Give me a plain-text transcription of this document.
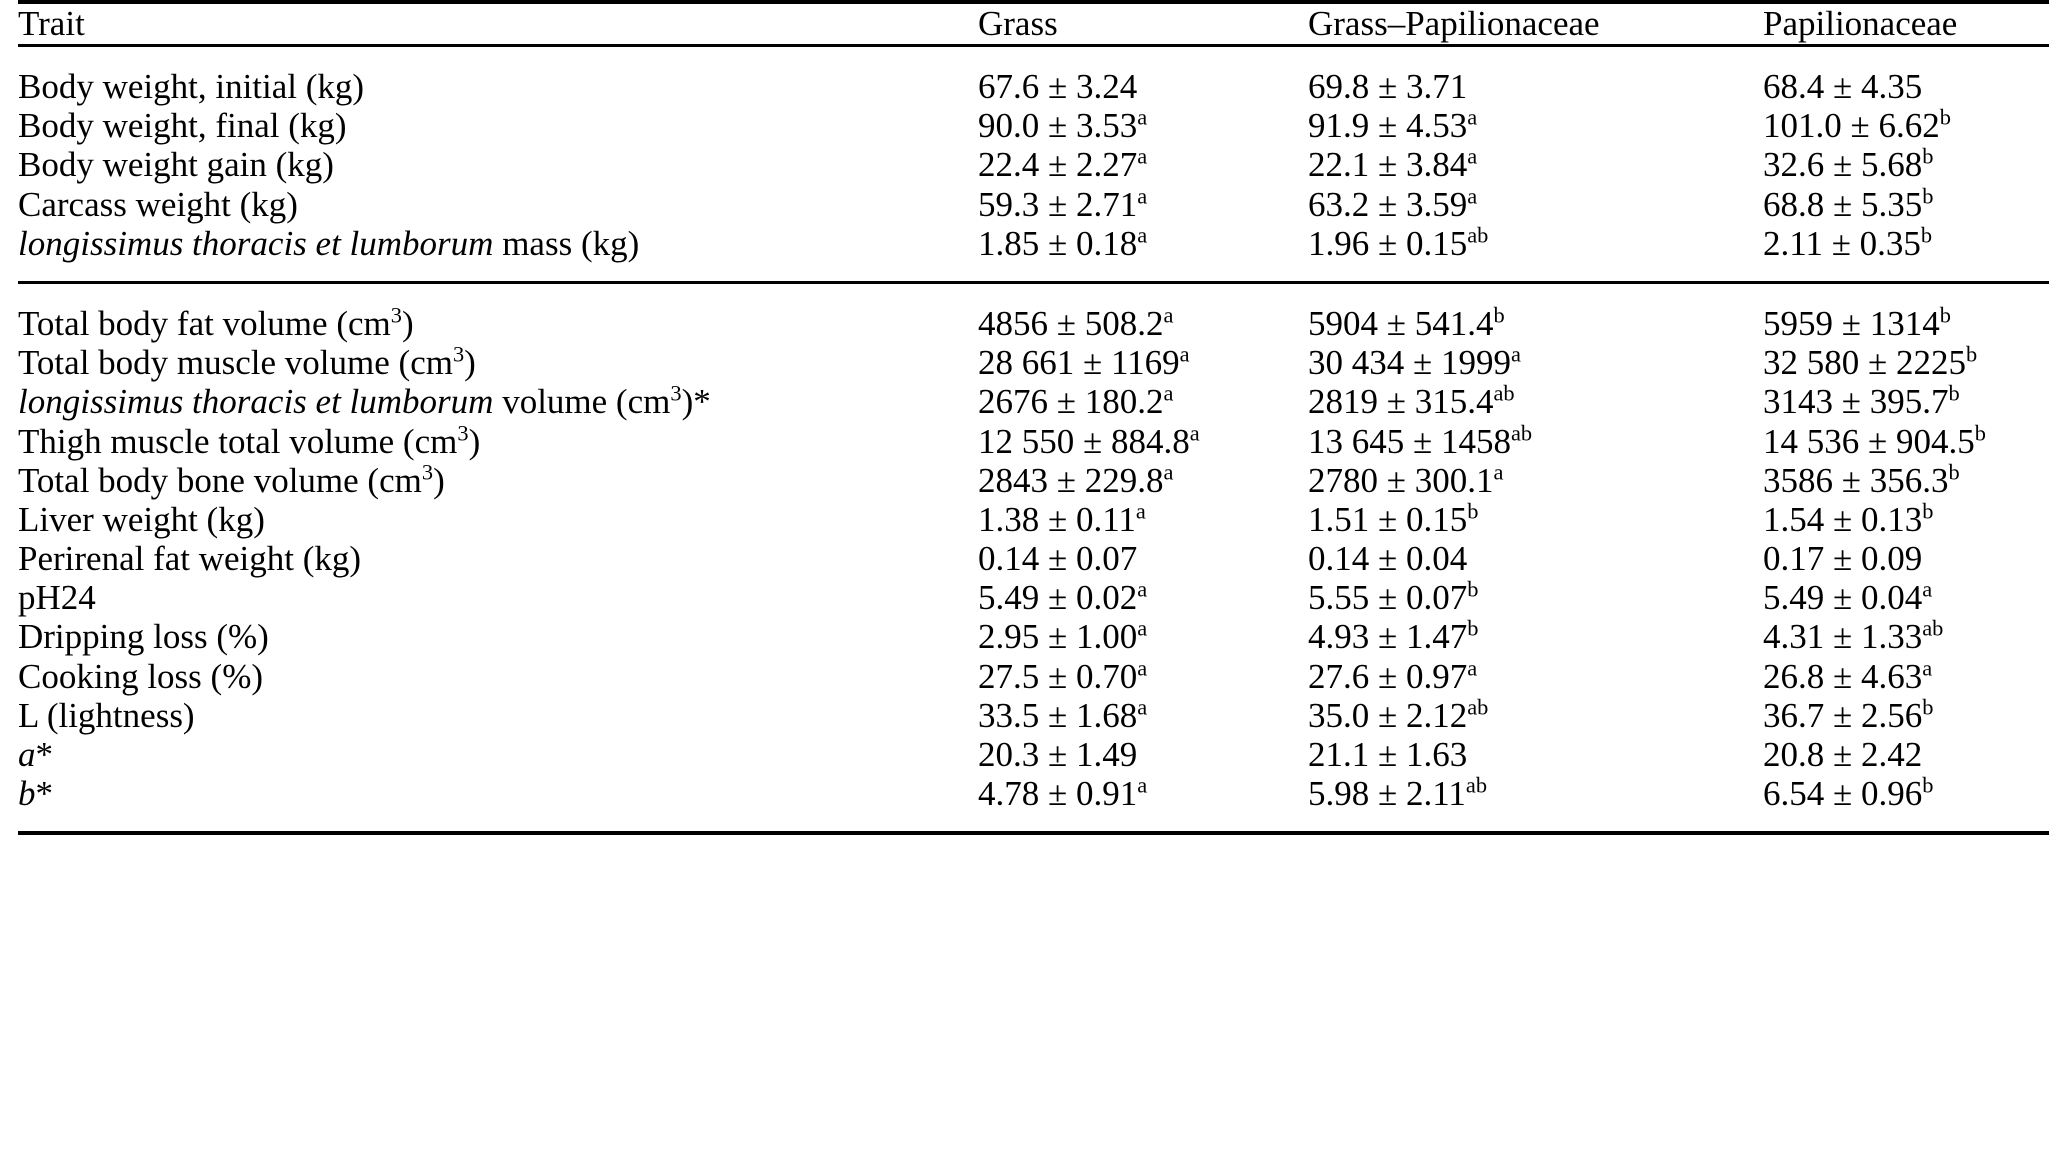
Trait	Grass	Grass–Papilionaceae	Papilionaceae
Body weight, initial (kg)	67.6 ± 3.24	69.8 ± 3.71	68.4 ± 4.35
Body weight, final (kg)	90.0 ± 3.53$^a$	91.9 ± 4.53$^a$	101.0 ± 6.62$^b$
Body weight gain (kg)	22.4 ± 2.27$^a$	22.1 ± 3.84$^a$	32.6 ± 5.68$^b$
Carcass weight (kg)	59.3 ± 2.71$^a$	63.2 ± 3.59$^a$	68.8 ± 5.35$^b$
longissimus thoracis et lumborum mass (kg)	1.85 ± 0.18$^a$	1.96 ± 0.15$^{ab}$	2.11 ± 0.35$^b$
Total body fat volume $(cm^3)$	4856 ± 508.2$^a$	5904 ± 541.4$^b$	$5959 \pm 1314^b$
Total body muscle volume $(cm^3)$	28 $661 \pm 1169^a$	30 $434 \pm 1999^a$	32 $580 \pm 2225^b$
longissimus thoracis et lumborum volume $(cm^3)*$	2676 ± 180.2$^a$	2819 ± 315.4$^{ab}$	3143 ± 395.7$^b$
Thigh muscle total volume $(cm^3)$	12 550 ± 884.8$^a$	13 $645 \pm 1458^{ab}$	14 536 ± 904.5$^b$
Total body bone volume $(cm^3)$	2843 ± 229.8$^a$	2780 ± 300.1$^a$	3586 ± 356.3$^b$
Liver weight (kg)	1.38 ± 0.11$^a$	1.51 ± 0.15$^b$	1.54 ± 0.13$^b$
Perirenal fat weight (kg)	0.14 ± 0.07	0.14 ± 0.04	0.17 ± 0.09
pH24	5.49 ± 0.02$^a$	5.55 ± 0.07$^b$	5.49 ± 0.04$^a$
Dripping loss (%)	2.95 ± 1.00$^a$	4.93 ± 1.47$^b$	4.31 ± 1.33$^{ab}$
Cooking loss (%)	27.5 ± 0.70$^a$	27.6 ± 0.97$^a$	26.8 ± 4.63$^a$
L (lightness)	33.5 ± 1.68$^a$	35.0 ± 2.12$^{ab}$	36.7 ± 2.56$^b$
a*	20.3 ± 1.49	21.1 ± 1.63	20.8 ± 2.42
b*	4.78 ± 0.91$^a$	5.98 ± 2.11$^{ab}$	6.54 ± 0.96$^b$
